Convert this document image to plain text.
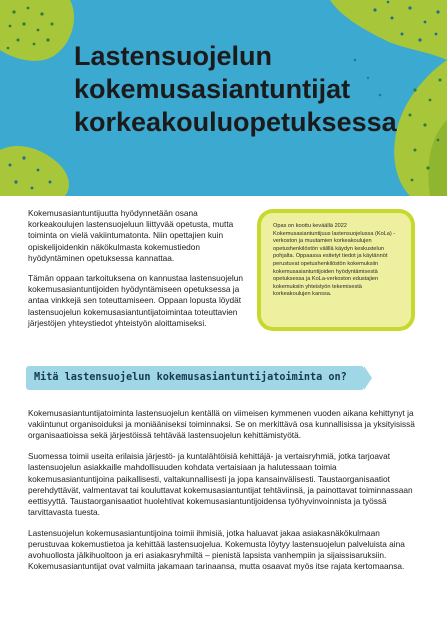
Lastensuojelun
kokemusasiantuntijat
korkeakouluopetuksessa

Kokemusasiantuntijuutta hyödynnetään osana korkeakoulujen lastensuojeluun liittyvää opetusta, mutta toiminta on vielä vakiintumatonta. Niin opettajien kuin opiskelijoidenkin näkökulmasta kokemustiedon hyödyntäminen opetuksessa kannattaa.

Tämän oppaan tarkoituksena on kannustaa lastensuojelun kokemusasiantuntijoiden hyödyntämiseen opetuksessa ja antaa vinkkejä sen toteuttamiseen. Oppaan lopusta löydät lastensuojelun kokemusasiantuntijatoimintaa toteuttavien järjestöjen yhteystiedot yhteistyön aloittamiseksi.

Opas on koottu keväällä 2022 Kokemusasiantuntijuus lastensuojelussa (KoLa) -verkoston ja muutamien korkeakoulujen opetushenkilöstön välillä käydyn keskustelun pohjalta. Oppaassa esitetyt tiedot ja käytännöt perustuvat opetushenkilöstön kokemuksiin kokemusasiantuntijoiden hyödyntämisestä opetuksessa ja KoLa-verkoston edustajien kokemuksiin yhteistyön tekemisestä korkeakoulujen kanssa.

Mitä lastensuojelun kokemusasiantuntijatoiminta on?

Kokemusasiantuntijatoiminta lastensuojelun kentällä on viimeisen kymmenen vuoden aikana kehittynyt ja vakiintunut organisoiduksi ja moniääniseksi toiminnaksi. Se on merkittävä osa kunnallisissa ja yksityisissä organisaatioissa sekä järjestöissä tehtävää lastensuojelun kehittämistyötä.

Suomessa toimii useita erilaisia järjestö- ja kuntalähtöisiä kehittäjä- ja vertaisryhmiä, jotka tarjoavat lastensuojelun asiakkaille mahdollisuuden kohdata vertaisiaan ja halutessaan toimia kokemusasiantuntijoina paikallisesti, valtakunnallisesti ja jopa kansainvälisesti. Taustaorganisaatiot perehdyttävät, valmentavat tai kouluttavat kokemusasiantuntijat tehtäviinsä, ja painottavat toiminnassaan eettisyyttä. Taustaorganisaatiot huolehtivat kokemusasiantuntijoidensa työhyvinvoinnista ja työssä tarvittavasta tuesta.

Lastensuojelun kokemusasiantuntijoina toimii ihmisiä, jotka haluavat jakaa asiakasnäkökulmaan perustuvaa kokemustietoa ja kehittää lastensuojelua. Kokemusta löytyy lastensuojelun palveluista aina avohuollosta jälkihuoltoon ja eri asiakasryhmiltä – pienistä lapsista vanhempiin ja sijaissisaruksiin. Kokemusasiantuntijat ovat valmiita jakamaan tarinaansa, mutta osaavat myös itse rajata kertomaansa.
